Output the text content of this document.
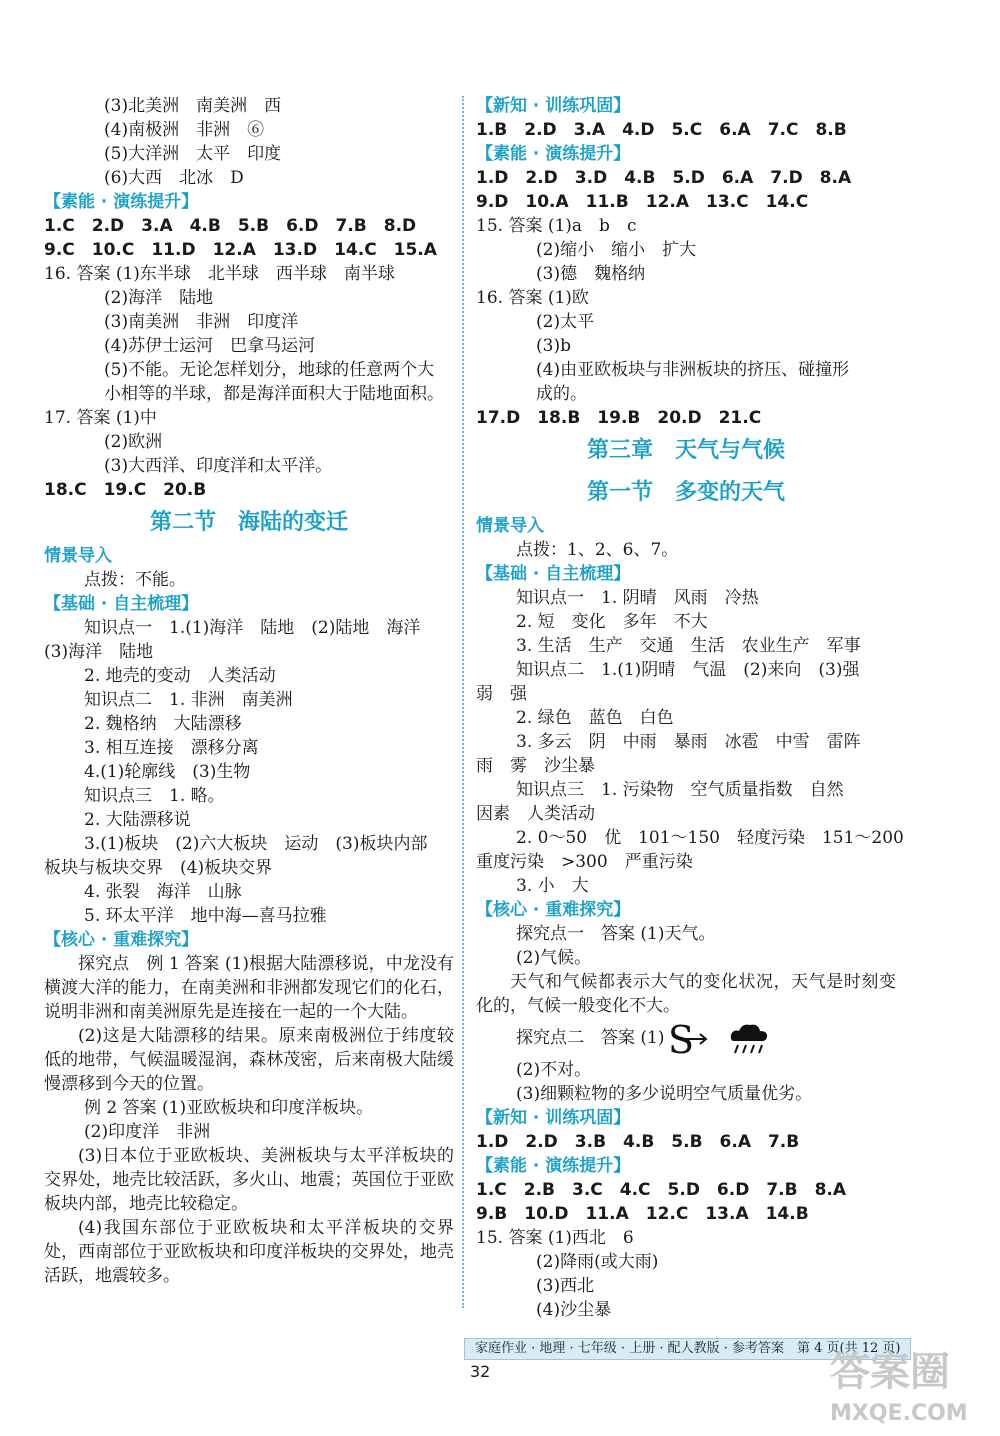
(3)北美洲　南美洲　西
(4)南极洲　非洲　⑥
(5)大洋洲　太平　印度
(6)大西　北冰　D
【素能 · 演练提升】
1.C　2.D　3.A　4.B　5.B　6.D　7.B　8.D
9.C　10.C　11.D　12.A　13.D　14.C　15.A
16. 答案 (1)东半球　北半球　西半球　南半球
(2)海洋　陆地
(3)南美洲　非洲　印度洋
(4)苏伊士运河　巴拿马运河
(5)不能。无论怎样划分，地球的任意两个大
小相等的半球，都是海洋面积大于陆地面积。
17. 答案 (1)中
(2)欧洲
(3)大西洋、印度洋和太平洋。
18.C　19.C　20.B
第二节　海陆的变迁
情景导入
点拨：不能。
【基础 · 自主梳理】
知识点一　1.(1)海洋　陆地　(2)陆地　海洋
(3)海洋　陆地
2. 地壳的变动　人类活动
知识点二　1. 非洲　南美洲
2. 魏格纳　大陆漂移
3. 相互连接　漂移分离
4.(1)轮廓线　(3)生物
知识点三　1. 略。
2. 大陆漂移说
3.(1)板块　(2)六大板块　运动　(3)板块内部
板块与板块交界　(4)板块交界
4. 张裂　海洋　山脉
5. 环太平洋　地中海—喜马拉雅
【核心 · 重难探究】
探究点　例 1 答案 (1)根据大陆漂移说，中龙没有横渡大洋的能力，在南美洲和非洲都发现它们的化石，说明非洲和南美洲原先是连接在一起的一个大陆。
(2)这是大陆漂移的结果。原来南极洲位于纬度较低的地带，气候温暖湿润，森林茂密，后来南极大陆缓慢漂移到今天的位置。
例 2 答案 (1)亚欧板块和印度洋板块。
(2)印度洋　非洲
(3)日本位于亚欧板块、美洲板块与太平洋板块的交界处，地壳比较活跃，多火山、地震；英国位于亚欧板块内部，地壳比较稳定。
(4)我国东部位于亚欧板块和太平洋板块的交界处，西南部位于亚欧板块和印度洋板块的交界处，地壳活跃，地震较多。
【新知 · 训练巩固】
1.B　2.D　3.A　4.D　5.C　6.A　7.C　8.B
【素能 · 演练提升】
1.D　2.D　3.D　4.B　5.D　6.A　7.D　8.A
9.D　10.A　11.B　12.A　13.C　14.C
15. 答案 (1)a　b　c
(2)缩小　缩小　扩大
(3)德　魏格纳
16. 答案 (1)欧
(2)太平
(3)b
(4)由亚欧板块与非洲板块的挤压、碰撞形
成的。
17.D　18.B　19.B　20.D　21.C
第三章　天气与气候
第一节　多变的天气
情景导入
点拨：1、2、6、7。
【基础 · 自主梳理】
知识点一　1. 阴晴　风雨　冷热
2. 短　变化　多年　不大
3. 生活　生产　交通　生活　农业生产　军事
知识点二　1.(1)阴晴　气温　(2)来向　(3)强
弱　强
2. 绿色　蓝色　白色
3. 多云　阴　中雨　暴雨　冰雹　中雪　雷阵
雨　雾　沙尘暴
知识点三　1. 污染物　空气质量指数　自然
因素　人类活动
2. 0～50　优　101～150　轻度污染　151～200
重度污染　>300　严重污染
3. 小　大
【核心 · 重难探究】
探究点一　答案 (1)天气。
(2)气候。
天气和气候都表示大气的变化状况，天气是时刻变化的，气候一般变化不大。
探究点二　答案 (1) S
(2)不对。
(3)细颗粒物的多少说明空气质量优劣。
【新知 · 训练巩固】
1.D　2.D　3.B　4.B　5.B　6.A　7.B
【素能 · 演练提升】
1.C　2.B　3.C　4.C　5.D　6.D　7.B　8.A
9.B　10.D　11.A　12.C　13.A　14.B
15. 答案 (1)西北　6
(2)降雨(或大雨)
(3)西北
(4)沙尘暴
家庭作业 · 地理 · 七年级 · 上册 · 配人教版 · 参考答案　第 4 页(共 12 页)
32	答案圈
MXQE.COM
